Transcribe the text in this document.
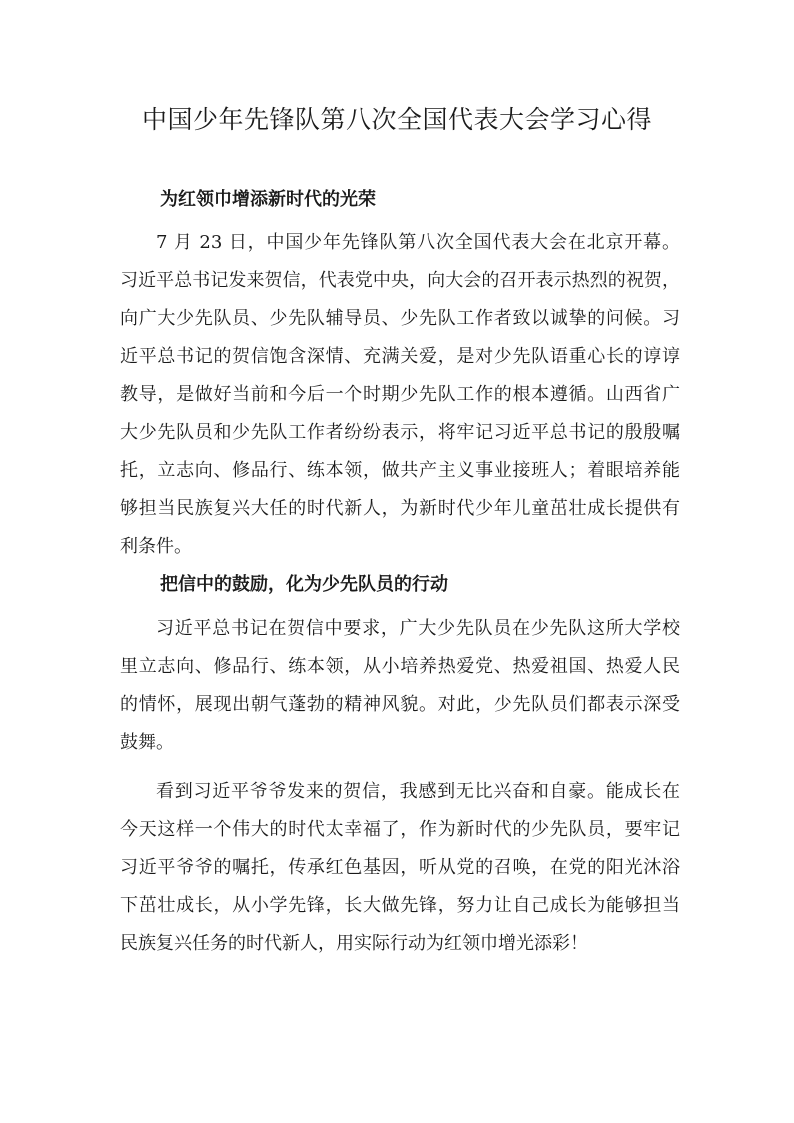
中国少年先锋队第八次全国代表大会学习心得
为红领巾增添新时代的光荣

7 月 23 日，中国少年先锋队第八次全国代表大会在北京开幕。

习近平总书记发来贺信，代表党中央，向大会的召开表示热烈的祝贺，

向广大少先队员、少先队辅导员、少先队工作者致以诚挚的问候。习

近平总书记的贺信饱含深情、充满关爱，是对少先队语重心长的谆谆

教导，是做好当前和今后一个时期少先队工作的根本遵循。山西省广

大少先队员和少先队工作者纷纷表示，将牢记习近平总书记的殷殷嘱

托，立志向、修品行、练本领，做共产主义事业接班人；着眼培养能

够担当民族复兴大任的时代新人，为新时代少年儿童茁壮成长提供有

利条件。

把信中的鼓励，化为少先队员的行动

习近平总书记在贺信中要求，广大少先队员在少先队这所大学校

里立志向、修品行、练本领，从小培养热爱党、热爱祖国、热爱人民

的情怀，展现出朝气蓬勃的精神风貌。对此，少先队员们都表示深受

鼓舞。

看到习近平爷爷发来的贺信，我感到无比兴奋和自豪。能成长在

今天这样一个伟大的时代太幸福了，作为新时代的少先队员，要牢记

习近平爷爷的嘱托，传承红色基因，听从党的召唤，在党的阳光沐浴

下茁壮成长，从小学先锋，长大做先锋，努力让自己成长为能够担当

民族复兴任务的时代新人，用实际行动为红领巾增光添彩！
